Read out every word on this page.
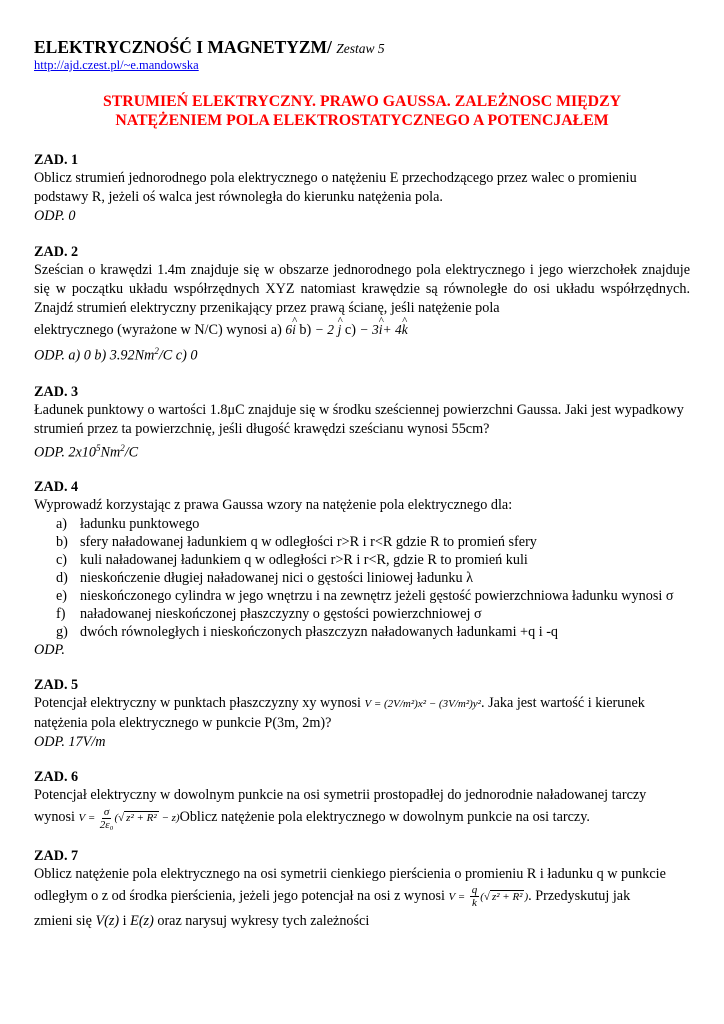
ELEKTRYCZNOŚĆ I MAGNETYZM/ Zestaw 5
http://ajd.czest.pl/~e.mandowska
STRUMIEŃ ELEKTRYCZNY. PRAWO GAUSSA. ZALEŻNOSC MIĘDZY
NATĘŻENIEM POLA ELEKTROSTATYCZNEGO A POTENCJAŁEM
ZAD. 1
Oblicz strumień jednorodnego pola elektrycznego o natężeniu E przechodzącego przez walec o promieniu podstawy R, jeżeli oś walca jest równoległa do kierunku natężenia pola.
ODP. 0
ZAD. 2
Sześcian o krawędzi 1.4m znajduje się w obszarze jednorodnego pola elektrycznego i jego wierzchołek znajduje się w początku układu współrzędnych XYZ natomiast krawędzie są równoległe do osi układu współrzędnych. Znajdź strumień elektryczny przenikający przez prawą ścianę, jeśli natężenie pola
elektrycznego (wyrażone w N/C) wynosi a) 6^ i b) − 2 ^ j c) − 3^ i+ 4^ k
ODP. a) 0 b) 3.92Nm$^2$/C c) 0
ZAD. 3
Ładunek punktowy o wartości 1.8μC znajduje się w środku sześciennej powierzchni Gaussa. Jaki jest wypadkowy strumień przez ta powierzchnię, jeśli długość krawędzi sześcianu wynosi 55cm?
ODP. $2x10^5Nm^2/C$
ZAD. 4
Wyprowadź korzystając z prawa Gaussa wzory na natężenie pola elektrycznego dla:
a) ładunku punktowego
b) sfery naładowanej ładunkiem q w odległości r>R i r<R gdzie R to promień sfery
c) kuli naładowanej ładunkiem q w odległości r>R i r<R, gdzie R to promień kuli
d) nieskończenie długiej naładowanej nici o gęstości liniowej ładunku λ
e) nieskończonego cylindra w jego wnętrzu i na zewnętrz jeżeli gęstość powierzchniowa ładunku wynosi σ
f) naładowanej nieskończonej płaszczyzny o gęstości powierzchniowej σ
g) dwóch równoległych i nieskończonych płaszczyzn naładowanych ładunkami +q i -q
ODP.
ZAD. 5
Potencjał elektryczny w punktach płaszczyzny xy wynosi V = (2V/m²)x² − (3V/m²)y². Jaka jest wartość i kierunek natężenia pola elektrycznego w punkcie P(3m, 2m)?
ODP. 17V/m
ZAD. 6
Potencjał elektryczny w dowolnym punkcie na osi symetrii prostopadłej do jednorodnie naładowanej tarczy
wynosi $V = \frac{\sigma}{\text{2ε₀}}$ (√ z² + R² − z)Oblicz natężenie pola elektrycznego w dowolnym punkcie na osi tarczy.
ZAD. 7
Oblicz natężenie pola elektrycznego na osi symetrii cienkiego pierścienia o promieniu R i ładunku q w punkcie
odległym o z od środka pierścienia, jeżeli jego potencjał na osi z wynosi $V = \frac{q}{k}$ (√ z² + R² ). Przedyskutuj jak
zmieni się V(z) i E(z) oraz narysuj wykresy tych zależności
